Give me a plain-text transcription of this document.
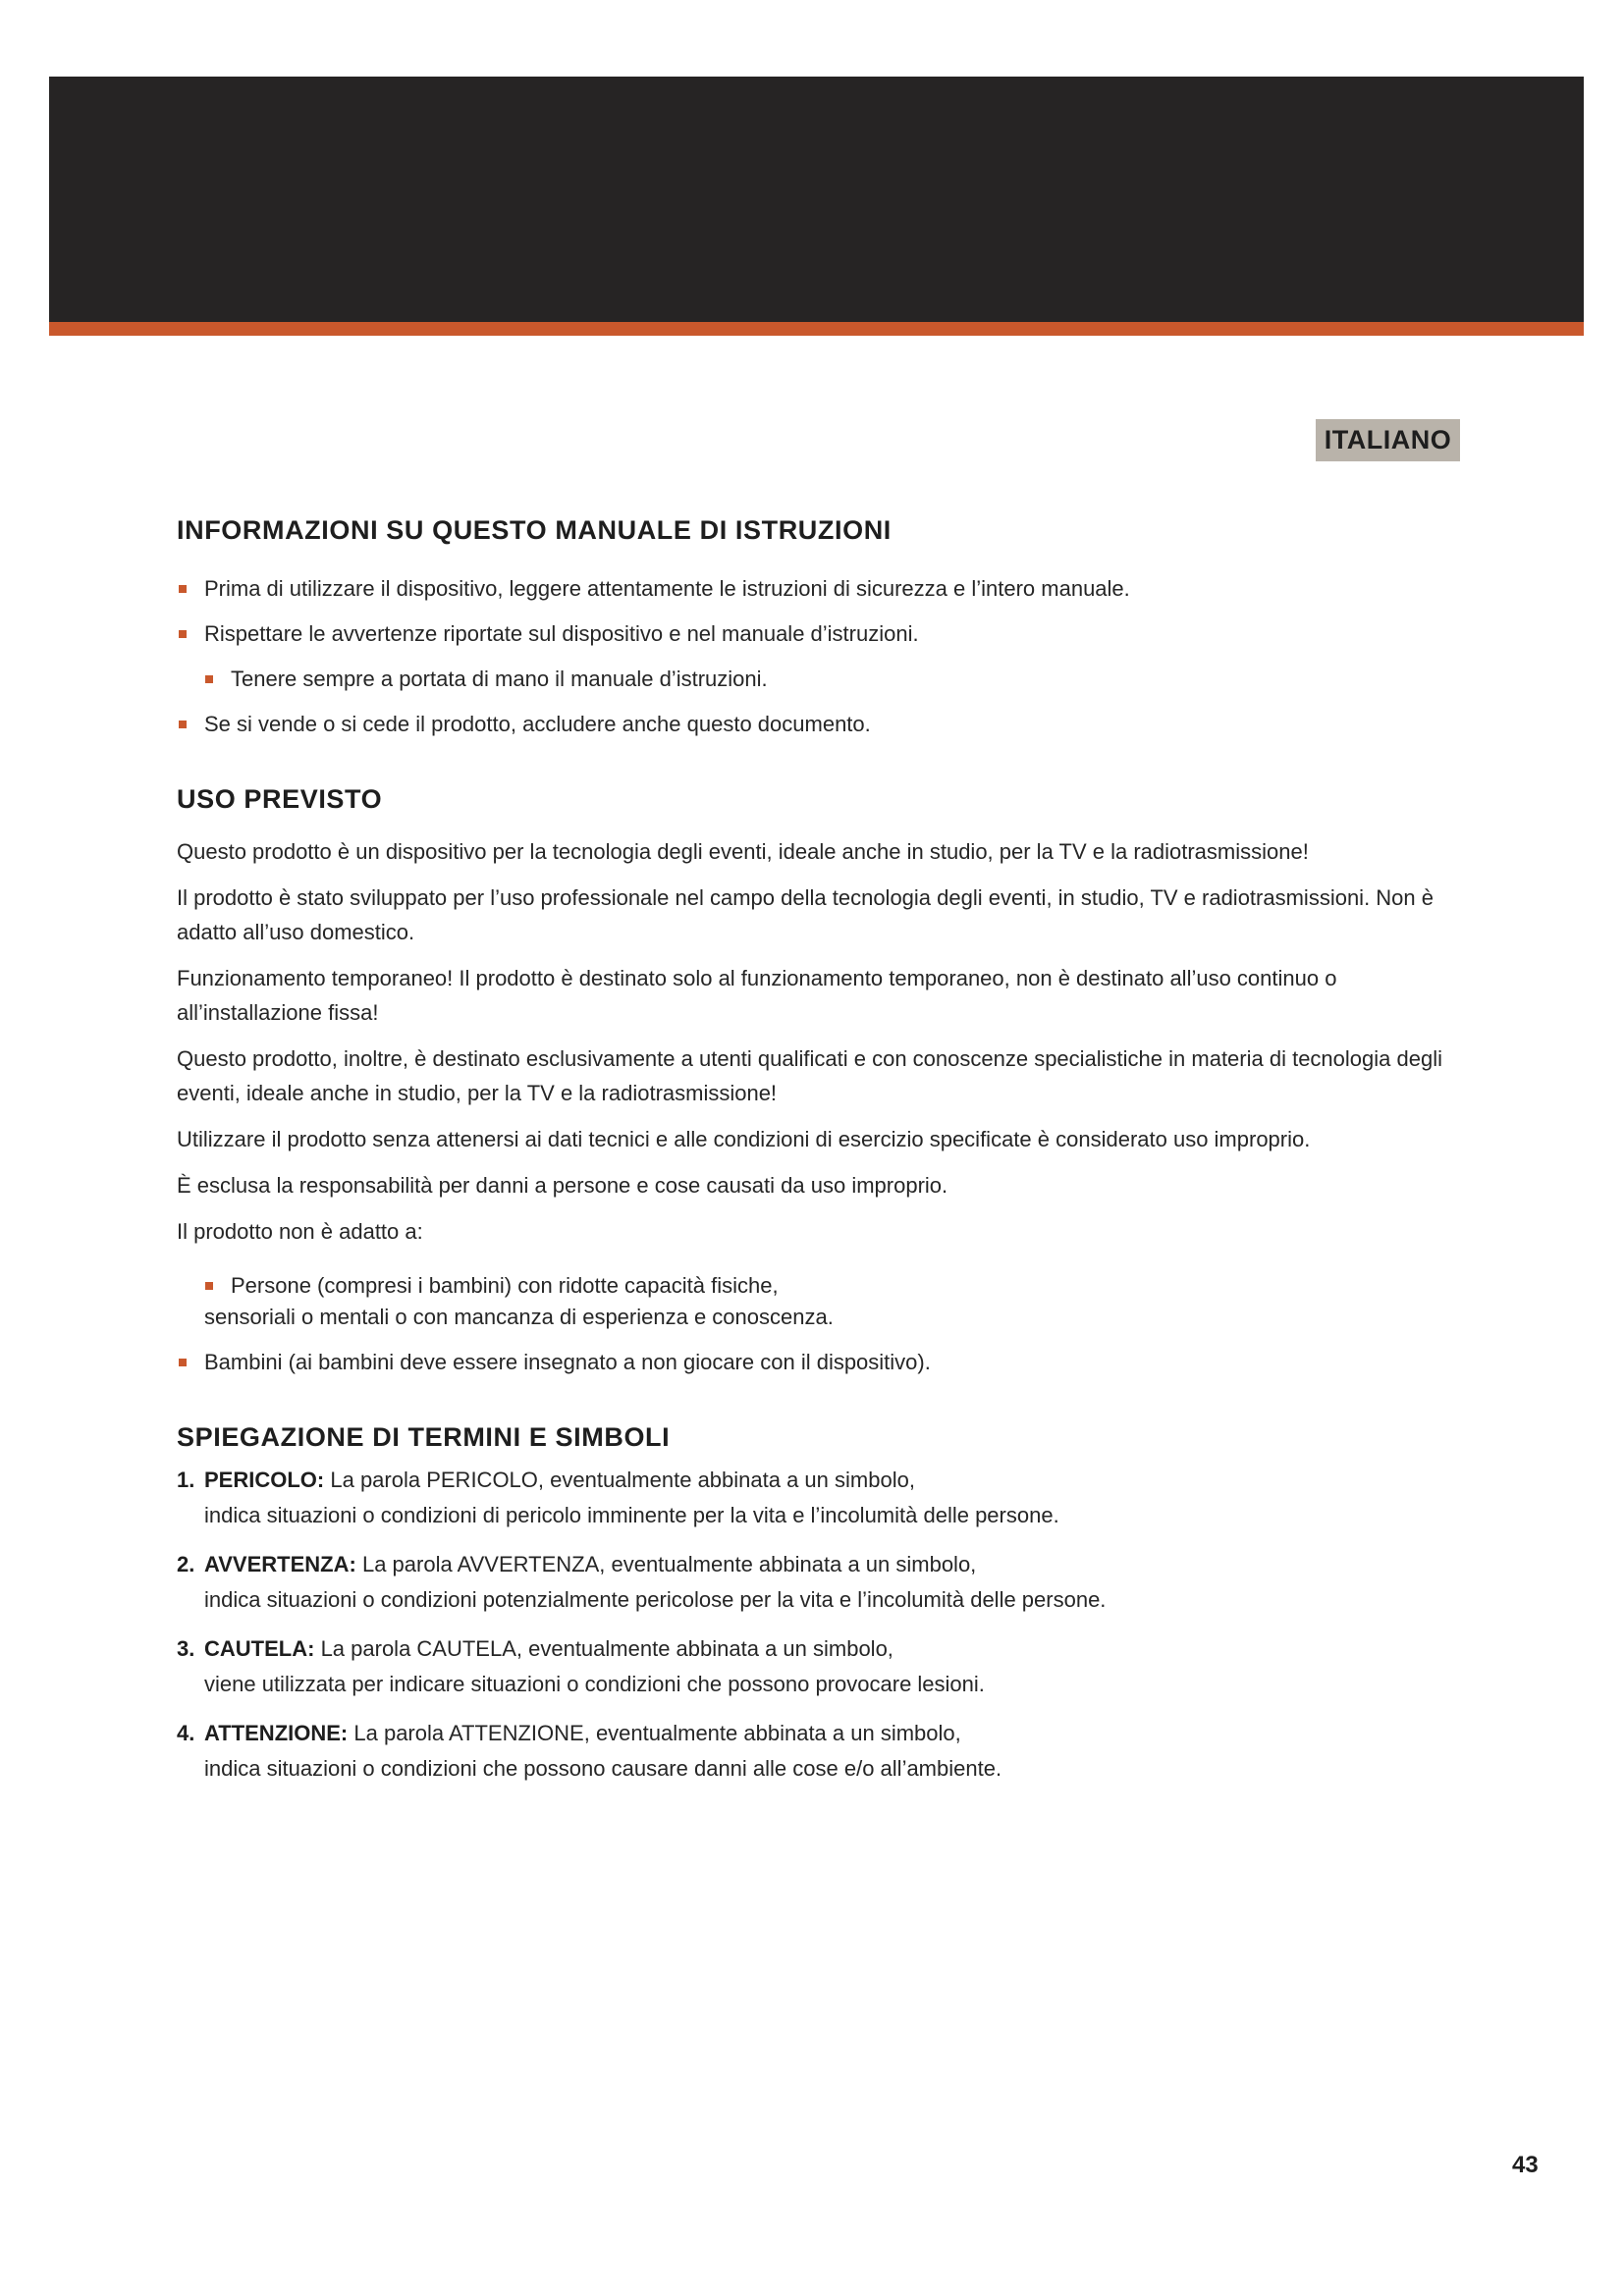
ITALIANO
INFORMAZIONI SU QUESTO MANUALE DI ISTRUZIONI
Prima di utilizzare il dispositivo, leggere attentamente le istruzioni di sicurezza e l’intero manuale.
Rispettare le avvertenze riportate sul dispositivo e nel manuale d’istruzioni.
Tenere sempre a portata di mano il manuale d’istruzioni.
Se si vende o si cede il prodotto, accludere anche questo documento.
USO PREVISTO

Questo prodotto è un dispositivo per la tecnologia degli eventi, ideale anche in studio, per la TV e la radiotrasmissione!

Il prodotto è stato sviluppato per l’uso professionale nel campo della tecnologia degli eventi, in studio, TV e radiotrasmissioni. Non è adatto all’uso domestico.

Funzionamento temporaneo! Il prodotto è destinato solo al funzionamento temporaneo, non è destinato all’uso continuo o all’installazione fissa!

Questo prodotto, inoltre, è destinato esclusivamente a utenti qualificati e con conoscenze specialistiche in materia di tecnologia degli eventi, ideale anche in studio, per la TV e la radiotrasmissione!

Utilizzare il prodotto senza attenersi ai dati tecnici e alle condizioni di esercizio specificate è considerato uso improprio.

È esclusa la responsabilità per danni a persone e cose causati da uso improprio.

Il prodotto non è adatto a:

Persone (compresi i bambini) con ridotte capacità fisiche,
sensoriali o mentali o con mancanza di esperienza e conoscenza.
Bambini (ai bambini deve essere insegnato a non giocare con il dispositivo).
SPIEGAZIONE DI TERMINI E SIMBOLI
1. PERICOLO: La parola PERICOLO, eventualmente abbinata a un simbolo,
indica situazioni o condizioni di pericolo imminente per la vita e l’incolumità delle persone.
2. AVVERTENZA: La parola AVVERTENZA, eventualmente abbinata a un simbolo,
indica situazioni o condizioni potenzialmente pericolose per la vita e l’incolumità delle persone.
3. CAUTELA: La parola CAUTELA, eventualmente abbinata a un simbolo,
viene utilizzata per indicare situazioni o condizioni che possono provocare lesioni.
4. ATTENZIONE: La parola ATTENZIONE, eventualmente abbinata a un simbolo,
indica situazioni o condizioni che possono causare danni alle cose e/o all’ambiente.
43
